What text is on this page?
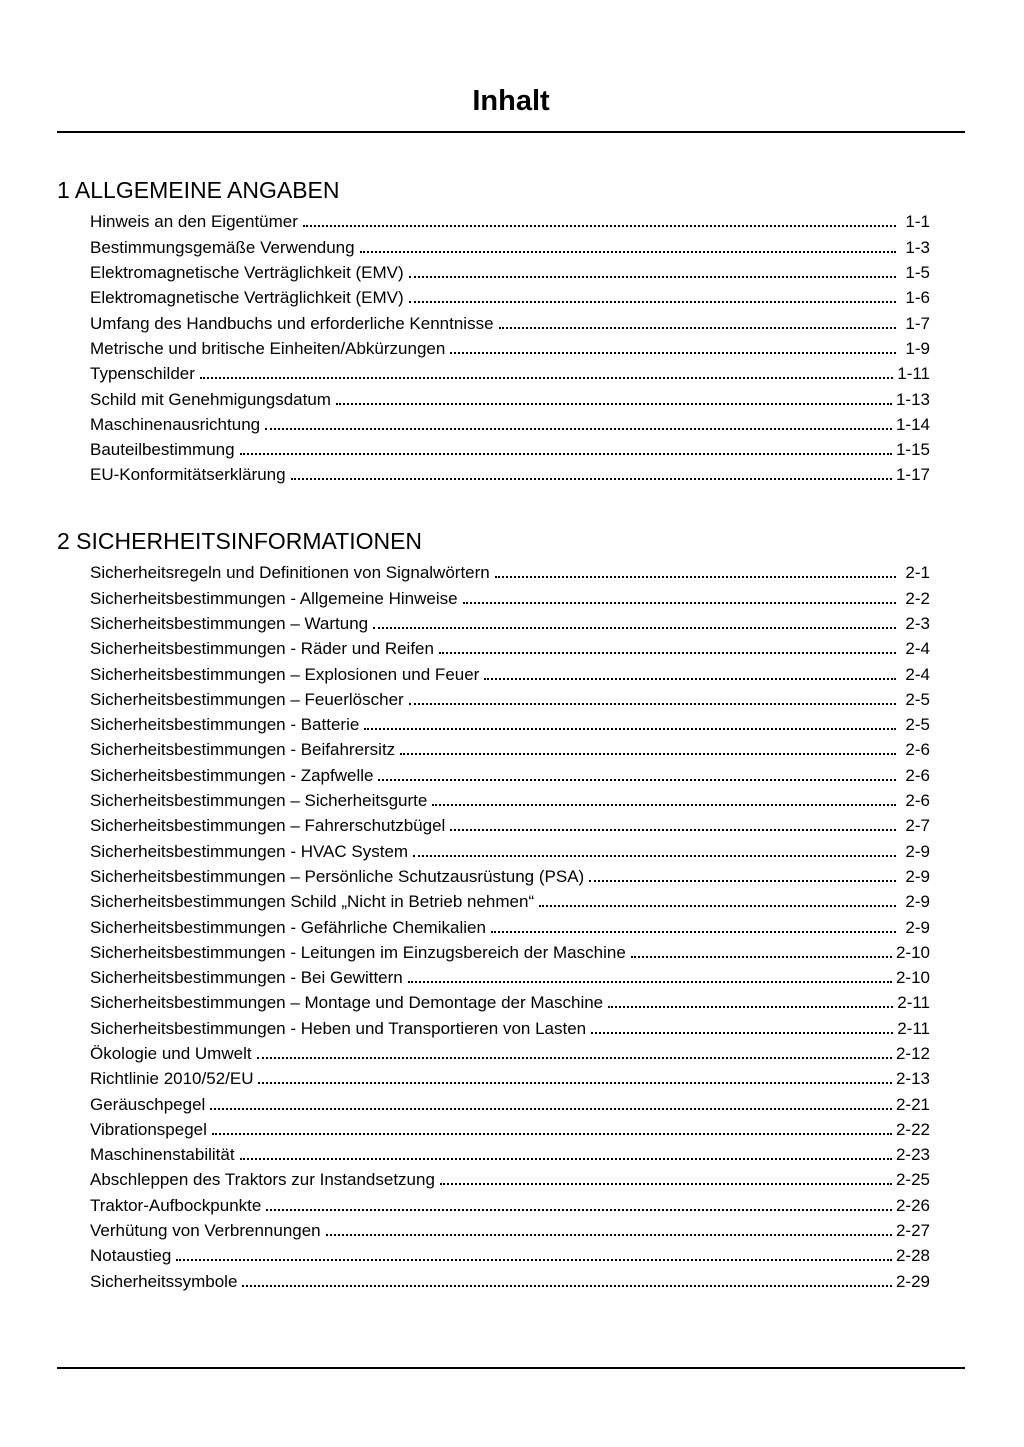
Inhalt
1 ALLGEMEINE ANGABEN
Hinweis an den Eigentümer	1-1
Bestimmungsgemäße Verwendung	1-3
Elektromagnetische Verträglichkeit (EMV)	1-5
Elektromagnetische Verträglichkeit (EMV)	1-6
Umfang des Handbuchs und erforderliche Kenntnisse	1-7
Metrische und britische Einheiten/Abkürzungen	1-9
Typenschilder	1-11
Schild mit Genehmigungsdatum	1-13
Maschinenausrichtung	1-14
Bauteilbestimmung	1-15
EU-Konformitätserklärung	1-17
2 SICHERHEITSINFORMATIONEN
Sicherheitsregeln und Definitionen von Signalwörtern	2-1
Sicherheitsbestimmungen - Allgemeine Hinweise	2-2
Sicherheitsbestimmungen – Wartung	2-3
Sicherheitsbestimmungen - Räder und Reifen	2-4
Sicherheitsbestimmungen – Explosionen und Feuer	2-4
Sicherheitsbestimmungen – Feuerlöscher	2-5
Sicherheitsbestimmungen - Batterie	2-5
Sicherheitsbestimmungen - Beifahrersitz	2-6
Sicherheitsbestimmungen - Zapfwelle	2-6
Sicherheitsbestimmungen – Sicherheitsgurte	2-6
Sicherheitsbestimmungen – Fahrerschutzbügel	2-7
Sicherheitsbestimmungen - HVAC System	2-9
Sicherheitsbestimmungen – Persönliche Schutzausrüstung (PSA)	2-9
Sicherheitsbestimmungen Schild „Nicht in Betrieb nehmen“	2-9
Sicherheitsbestimmungen - Gefährliche Chemikalien	2-9
Sicherheitsbestimmungen - Leitungen im Einzugsbereich der Maschine	2-10
Sicherheitsbestimmungen - Bei Gewittern	2-10
Sicherheitsbestimmungen – Montage und Demontage der Maschine	2-11
Sicherheitsbestimmungen - Heben und Transportieren von Lasten	2-11
Ökologie und Umwelt	2-12
Richtlinie 2010/52/EU	2-13
Geräuschpegel	2-21
Vibrationspegel	2-22
Maschinenstabilität	2-23
Abschleppen des Traktors zur Instandsetzung	2-25
Traktor-Aufbockpunkte	2-26
Verhütung von Verbrennungen	2-27
Notaustieg	2-28
Sicherheitssymbole	2-29
